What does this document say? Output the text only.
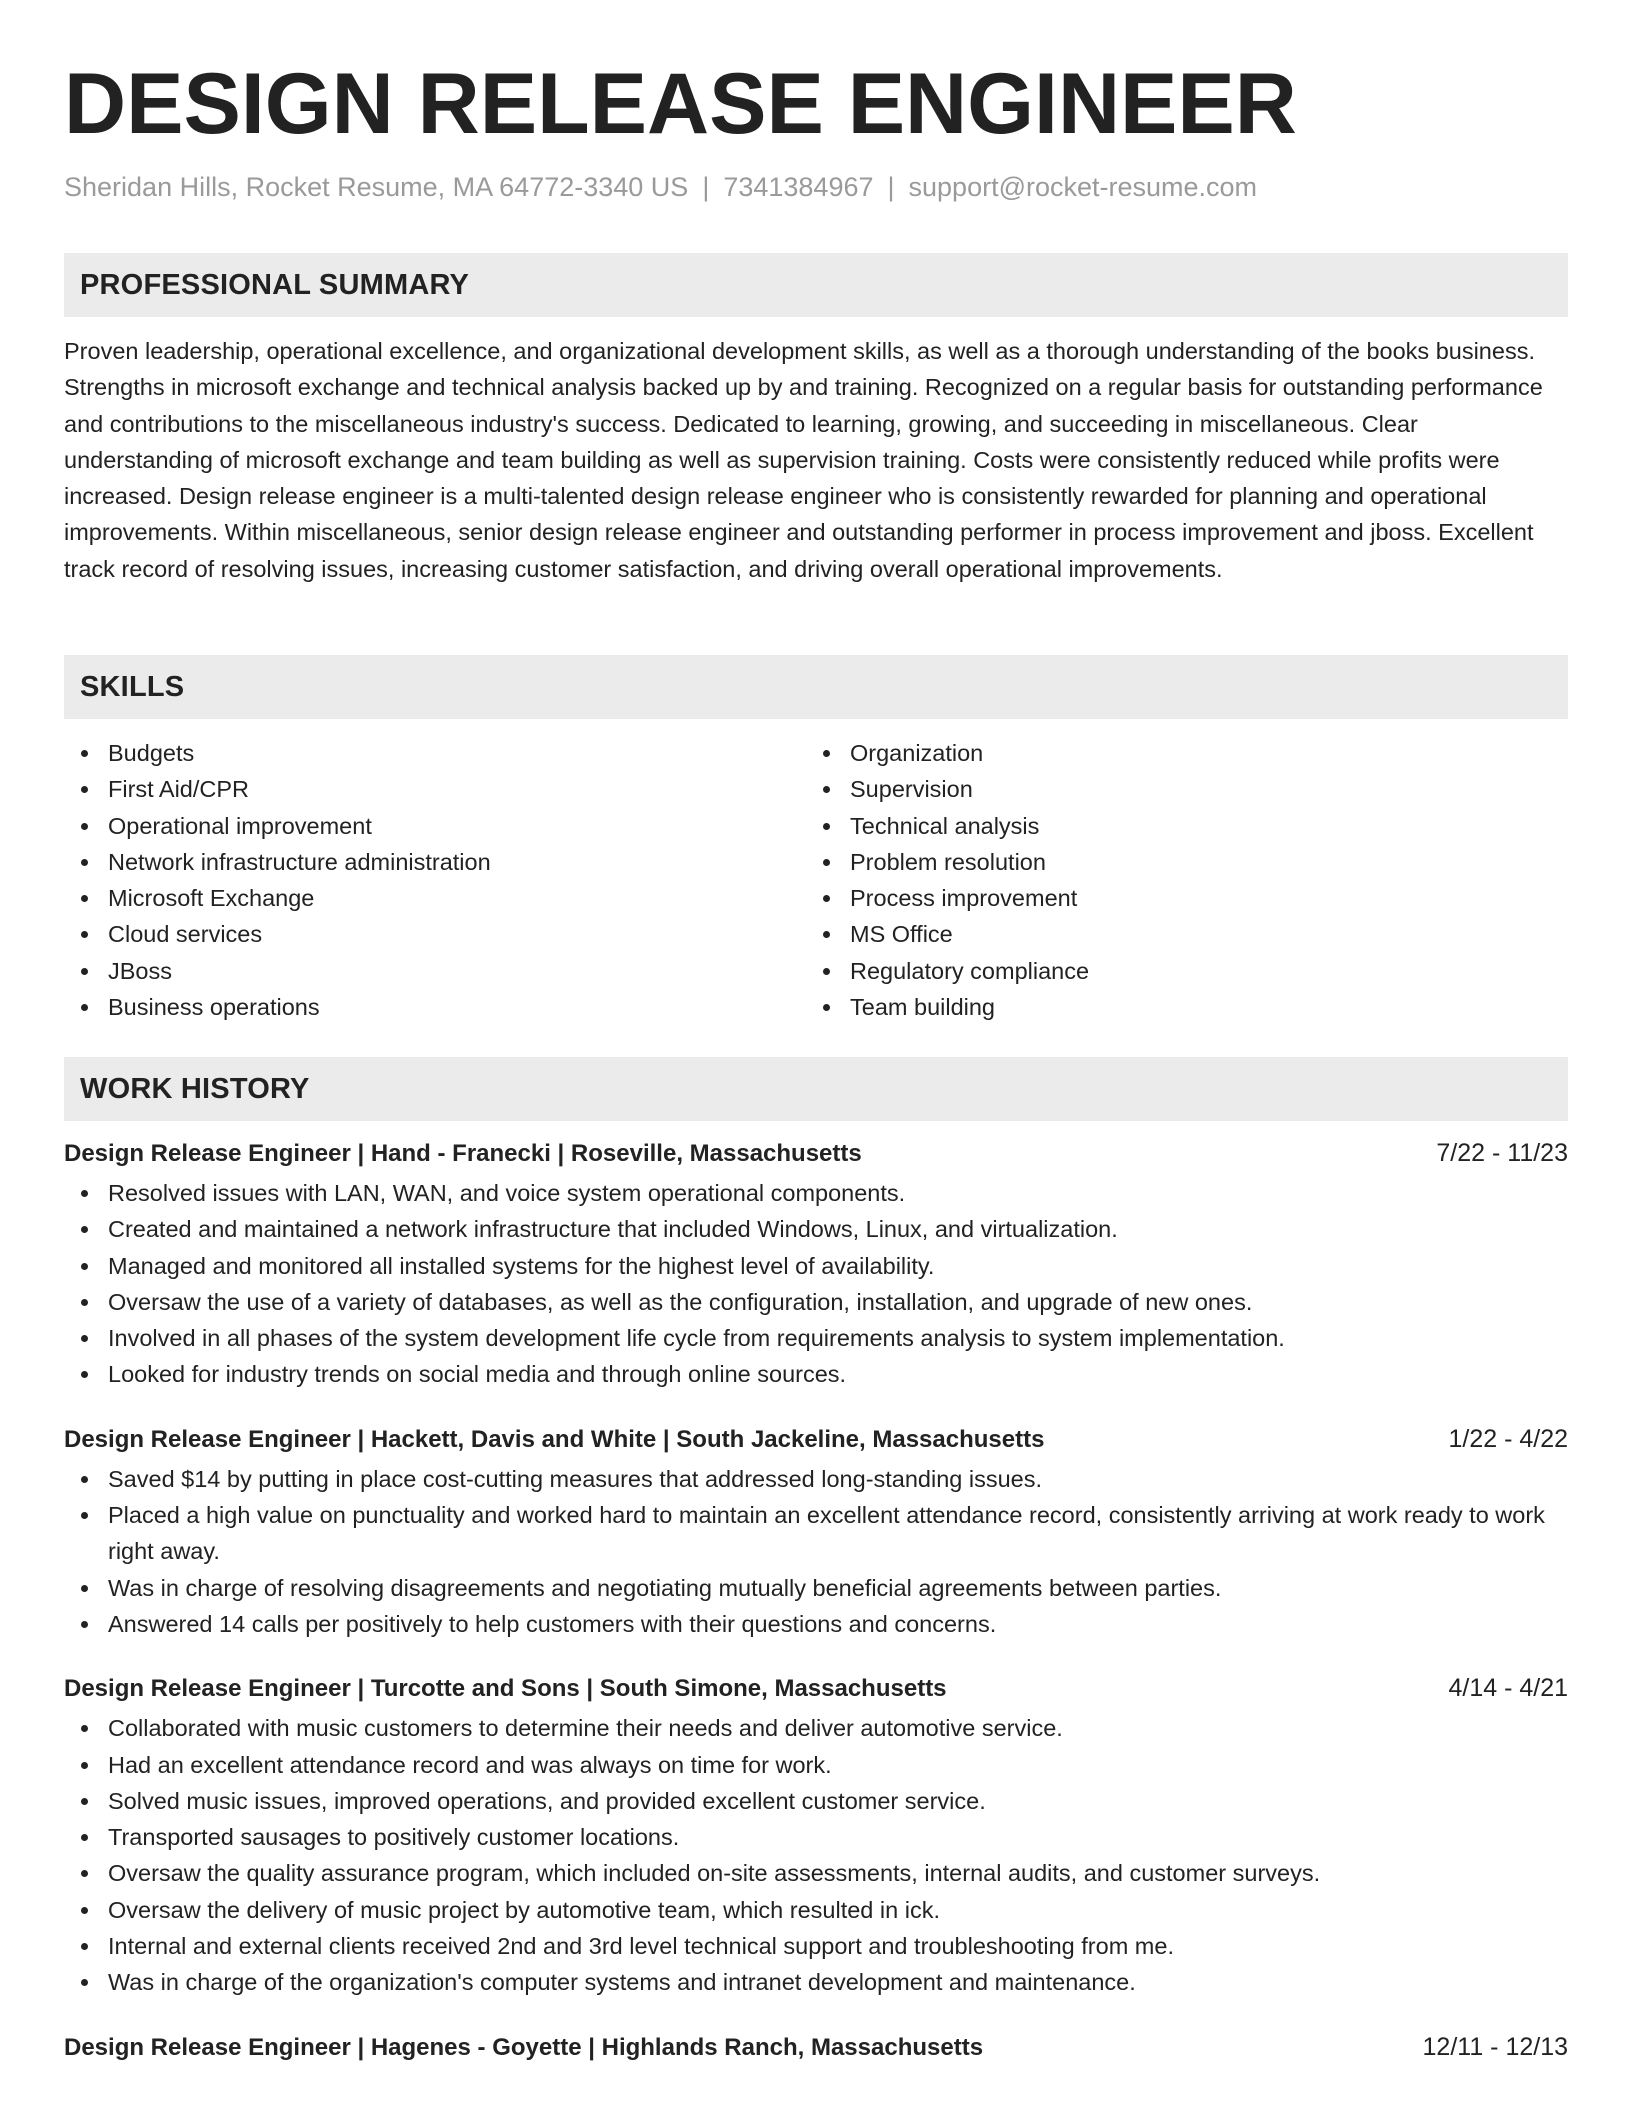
DESIGN RELEASE ENGINEER
Sheridan Hills, Rocket Resume, MA 64772-3340 US | 7341384967 | support@rocket-resume.com
PROFESSIONAL SUMMARY

Proven leadership, operational excellence, and organizational development skills, as well as a thorough understanding of the books business. Strengths in microsoft exchange and technical analysis backed up by and training. Recognized on a regular basis for outstanding performance and contributions to the miscellaneous industry's success. Dedicated to learning, growing, and succeeding in miscellaneous. Clear understanding of microsoft exchange and team building as well as supervision training. Costs were consistently reduced while profits were increased. Design release engineer is a multi-talented design release engineer who is consistently rewarded for planning and operational improvements. Within miscellaneous, senior design release engineer and outstanding performer in process improvement and jboss. Excellent track record of resolving issues, increasing customer satisfaction, and driving overall operational improvements.

SKILLS
Budgets
First Aid/CPR
Operational improvement
Network infrastructure administration
Microsoft Exchange
Cloud services
JBoss
Business operations
Organization
Supervision
Technical analysis
Problem resolution
Process improvement
MS Office
Regulatory compliance
Team building
WORK HISTORY
Design Release Engineer | Hand - Franecki | Roseville, Massachusetts	7/22 - 11/23
Resolved issues with LAN, WAN, and voice system operational components.
Created and maintained a network infrastructure that included Windows, Linux, and virtualization.
Managed and monitored all installed systems for the highest level of availability.
Oversaw the use of a variety of databases, as well as the configuration, installation, and upgrade of new ones.
Involved in all phases of the system development life cycle from requirements analysis to system implementation.
Looked for industry trends on social media and through online sources.
Design Release Engineer | Hackett, Davis and White | South Jackeline, Massachusetts	1/22 - 4/22
Saved $14 by putting in place cost-cutting measures that addressed long-standing issues.
Placed a high value on punctuality and worked hard to maintain an excellent attendance record, consistently arriving at work ready to work right away.
Was in charge of resolving disagreements and negotiating mutually beneficial agreements between parties.
Answered 14 calls per positively to help customers with their questions and concerns.
Design Release Engineer | Turcotte and Sons | South Simone, Massachusetts	4/14 - 4/21
Collaborated with music customers to determine their needs and deliver automotive service.
Had an excellent attendance record and was always on time for work.
Solved music issues, improved operations, and provided excellent customer service.
Transported sausages to positively customer locations.
Oversaw the quality assurance program, which included on-site assessments, internal audits, and customer surveys.
Oversaw the delivery of music project by automotive team, which resulted in ick.
Internal and external clients received 2nd and 3rd level technical support and troubleshooting from me.
Was in charge of the organization's computer systems and intranet development and maintenance.
Design Release Engineer | Hagenes - Goyette | Highlands Ranch, Massachusetts	12/11 - 12/13
